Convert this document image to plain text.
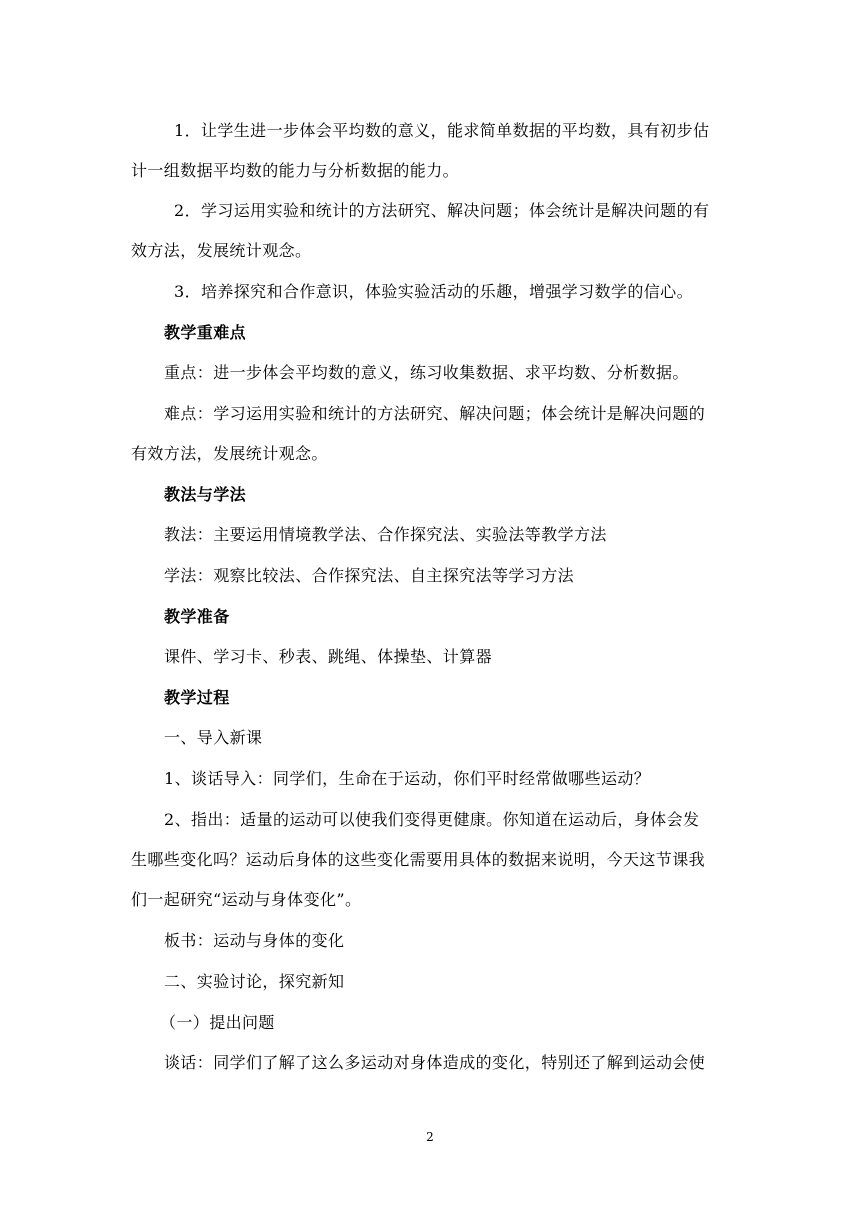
1．让学生进一步体会平均数的意义，能求简单数据的平均数，具有初步估
计一组数据平均数的能力与分析数据的能力。
2．学习运用实验和统计的方法研究、解决问题；体会统计是解决问题的有
效方法，发展统计观念。
3．培养探究和合作意识，体验实验活动的乐趣，增强学习数学的信心。
教学重难点
重点：进一步体会平均数的意义，练习收集数据、求平均数、分析数据。
难点：学习运用实验和统计的方法研究、解决问题；体会统计是解决问题的
有效方法，发展统计观念。
教法与学法
教法：主要运用情境教学法、合作探究法、实验法等教学方法
学法：观察比较法、合作探究法、自主探究法等学习方法
教学准备
课件、学习卡、秒表、跳绳、体操垫、计算器
教学过程
一、导入新课
1、谈话导入：同学们，生命在于运动，你们平时经常做哪些运动？
2、指出：适量的运动可以使我们变得更健康。你知道在运动后，身体会发
生哪些变化吗？运动后身体的这些变化需要用具体的数据来说明，今天这节课我
们一起研究“运动与身体变化”。
板书：运动与身体的变化
二、实验讨论，探究新知
（一）提出问题
谈话：同学们了解了这么多运动对身体造成的变化，特别还了解到运动会使
2
